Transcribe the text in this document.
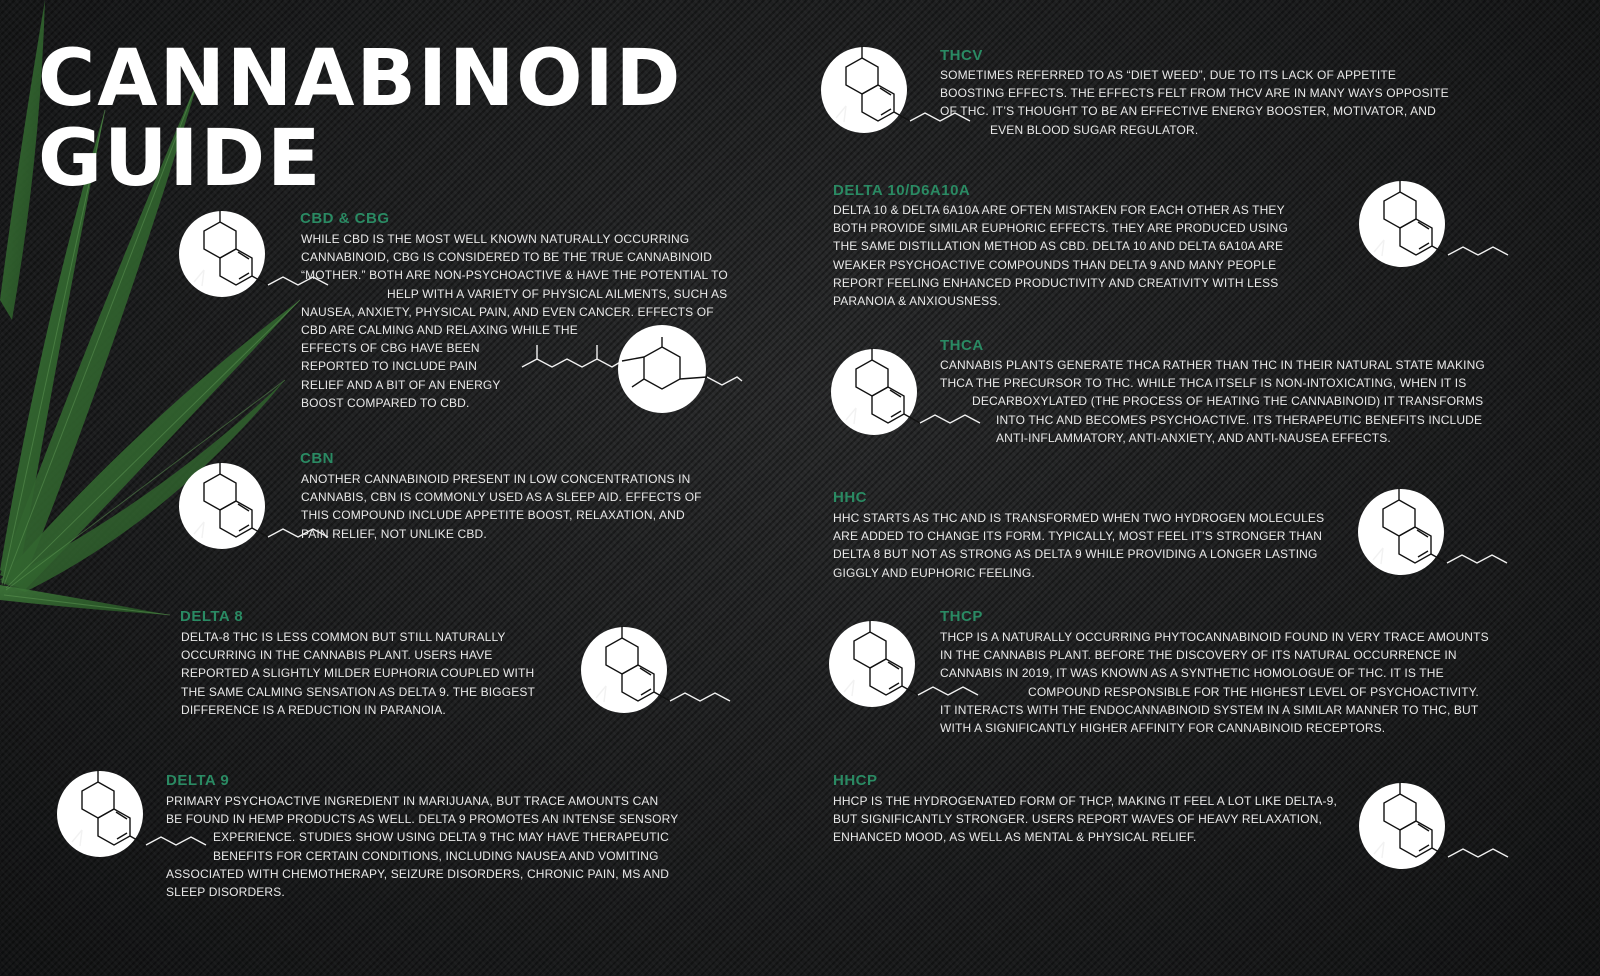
CANNABINOID
GUIDE
CBD & CBG
WHILE CBD IS THE MOST WELL KNOWN NATURALLY OCCURRING
CANNABINOID, CBG IS CONSIDERED TO BE THE TRUE CANNABINOID
“MOTHER.” BOTH ARE NON-PSYCHOACTIVE & HAVE THE POTENTIAL TO
HELP WITH A VARIETY OF PHYSICAL AILMENTS, SUCH AS
NAUSEA, ANXIETY, PHYSICAL PAIN, AND EVEN CANCER. EFFECTS OF
CBD ARE CALMING AND RELAXING WHILE THE
EFFECTS OF CBG HAVE BEEN
REPORTED TO INCLUDE PAIN
RELIEF AND A BIT OF AN ENERGY
BOOST COMPARED TO CBD.
CBN
ANOTHER CANNABINOID PRESENT IN LOW CONCENTRATIONS IN
CANNABIS, CBN IS COMMONLY USED AS A SLEEP AID. EFFECTS OF
THIS COMPOUND INCLUDE APPETITE BOOST, RELAXATION, AND
PAIN RELIEF, NOT UNLIKE CBD.
DELTA 8
DELTA-8 THC IS LESS COMMON BUT STILL NATURALLY
OCCURRING IN THE CANNABIS PLANT. USERS HAVE
REPORTED A SLIGHTLY MILDER EUPHORIA COUPLED WITH
THE SAME CALMING SENSATION AS DELTA 9. THE BIGGEST
DIFFERENCE IS A REDUCTION IN PARANOIA.
DELTA 9
PRIMARY PSYCHOACTIVE INGREDIENT IN MARIJUANA, BUT TRACE AMOUNTS CAN
BE FOUND IN HEMP PRODUCTS AS WELL. DELTA 9 PROMOTES AN INTENSE SENSORY
EXPERIENCE. STUDIES SHOW USING DELTA 9 THC MAY HAVE THERAPEUTIC
BENEFITS FOR CERTAIN CONDITIONS, INCLUDING NAUSEA AND VOMITING
ASSOCIATED WITH CHEMOTHERAPY, SEIZURE DISORDERS, CHRONIC PAIN, MS AND
SLEEP DISORDERS.
THCV
SOMETIMES REFERRED TO AS “DIET WEED”, DUE TO ITS LACK OF APPETITE
BOOSTING EFFECTS. THE EFFECTS FELT FROM THCV ARE IN MANY WAYS OPPOSITE
OF THC. IT’S THOUGHT TO BE AN EFFECTIVE ENERGY BOOSTER, MOTIVATOR, AND
EVEN BLOOD SUGAR REGULATOR.
DELTA 10/D6A10A
DELTA 10 & DELTA 6A10A ARE OFTEN MISTAKEN FOR EACH OTHER AS THEY
BOTH PROVIDE SIMILAR EUPHORIC EFFECTS. THEY ARE PRODUCED USING
THE SAME DISTILLATION METHOD AS CBD. DELTA 10 AND DELTA 6A10A ARE
WEAKER PSYCHOACTIVE COMPOUNDS THAN DELTA 9 AND MANY PEOPLE
REPORT FEELING ENHANCED PRODUCTIVITY AND CREATIVITY WITH LESS
PARANOIA & ANXIOUSNESS.
THCA
CANNABIS PLANTS GENERATE THCA RATHER THAN THC IN THEIR NATURAL STATE MAKING
THCA THE PRECURSOR TO THC. WHILE THCA ITSELF IS NON-INTOXICATING, WHEN IT IS
DECARBOXYLATED (THE PROCESS OF HEATING THE CANNABINOID) IT TRANSFORMS
INTO THC AND BECOMES PSYCHOACTIVE. ITS THERAPEUTIC BENEFITS INCLUDE
ANTI-INFLAMMATORY, ANTI-ANXIETY, AND ANTI-NAUSEA EFFECTS.
HHC
HHC STARTS AS THC AND IS TRANSFORMED WHEN TWO HYDROGEN MOLECULES
ARE ADDED TO CHANGE ITS FORM. TYPICALLY, MOST FEEL IT’S STRONGER THAN
DELTA 8 BUT NOT AS STRONG AS DELTA 9 WHILE PROVIDING A LONGER LASTING
GIGGLY AND EUPHORIC FEELING.
THCP
THCP IS A NATURALLY OCCURRING PHYTOCANNABINOID FOUND IN VERY TRACE AMOUNTS
IN THE CANNABIS PLANT. BEFORE THE DISCOVERY OF ITS NATURAL OCCURRENCE IN
CANNABIS IN 2019, IT WAS KNOWN AS A SYNTHETIC HOMOLOGUE OF THC. IT IS THE
COMPOUND RESPONSIBLE FOR THE HIGHEST LEVEL OF PSYCHOACTIVITY.
IT INTERACTS WITH THE ENDOCANNABINOID SYSTEM IN A SIMILAR MANNER TO THC, BUT
WITH A SIGNIFICANTLY HIGHER AFFINITY FOR CANNABINOID RECEPTORS.
HHCP
HHCP IS THE HYDROGENATED FORM OF THCP, MAKING IT FEEL A LOT LIKE DELTA-9,
BUT SIGNIFICANTLY STRONGER. USERS REPORT WAVES OF HEAVY RELAXATION,
ENHANCED MOOD, AS WELL AS MENTAL & PHYSICAL RELIEF.
